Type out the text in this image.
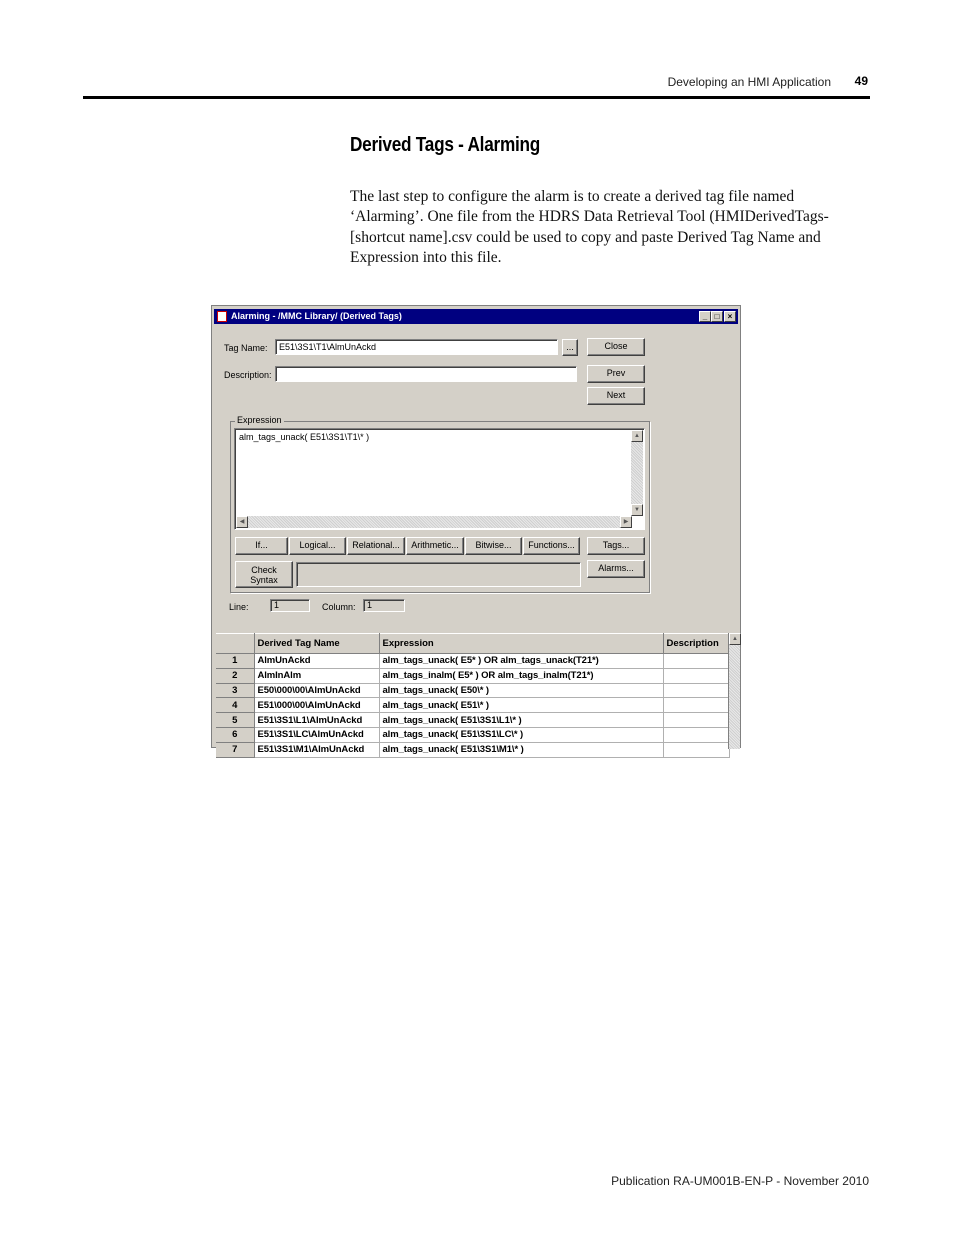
Developing an HMI Application 49
Derived Tags - Alarming
The last step to configure the alarm is to create a derived tag file named ‘Alarming’. One file from the HDRS Data Retrieval Tool (HMIDerivedTags-[shortcut name].csv could be used to copy and paste Derived Tag Name and Expression into this file.
Alarming - /MMC Library/ (Derived Tags)	_ □	×
Tag Name:	E51\3S1\T1\AlmUnAckd	...	Close
Description:	Prev
Next
Expression
alm_tags_unack( E51\3S1\T1\* )	▲
▼
◀	▶
If...	Logical...	Relational...	Arithmetic...	Bitwise...	Functions...	Tags...
Check
Syntax
Alarms...
Line:	1	Column:	1
	Derived Tag Name	Expression	Description
1	AlmUnAckd	alm_tags_unack( E5* ) OR alm_tags_unack(T21*)	
2	AlmInAlm	alm_tags_inalm( E5* ) OR alm_tags_inalm(T21*)	
3	E50\000\00\AlmUnAckd	alm_tags_unack( E50\* )	
4	E51\000\00\AlmUnAckd	alm_tags_unack( E51\* )	
5	E51\3S1\L1\AlmUnAckd	alm_tags_unack( E51\3S1\L1\* )	
6	E51\3S1\LC\AlmUnAckd	alm_tags_unack( E51\3S1\LC\* )	
7	E51\3S1\M1\AlmUnAckd	alm_tags_unack( E51\3S1\M1\* )	
▲
Publication RA-UM001B-EN-P - November 2010
